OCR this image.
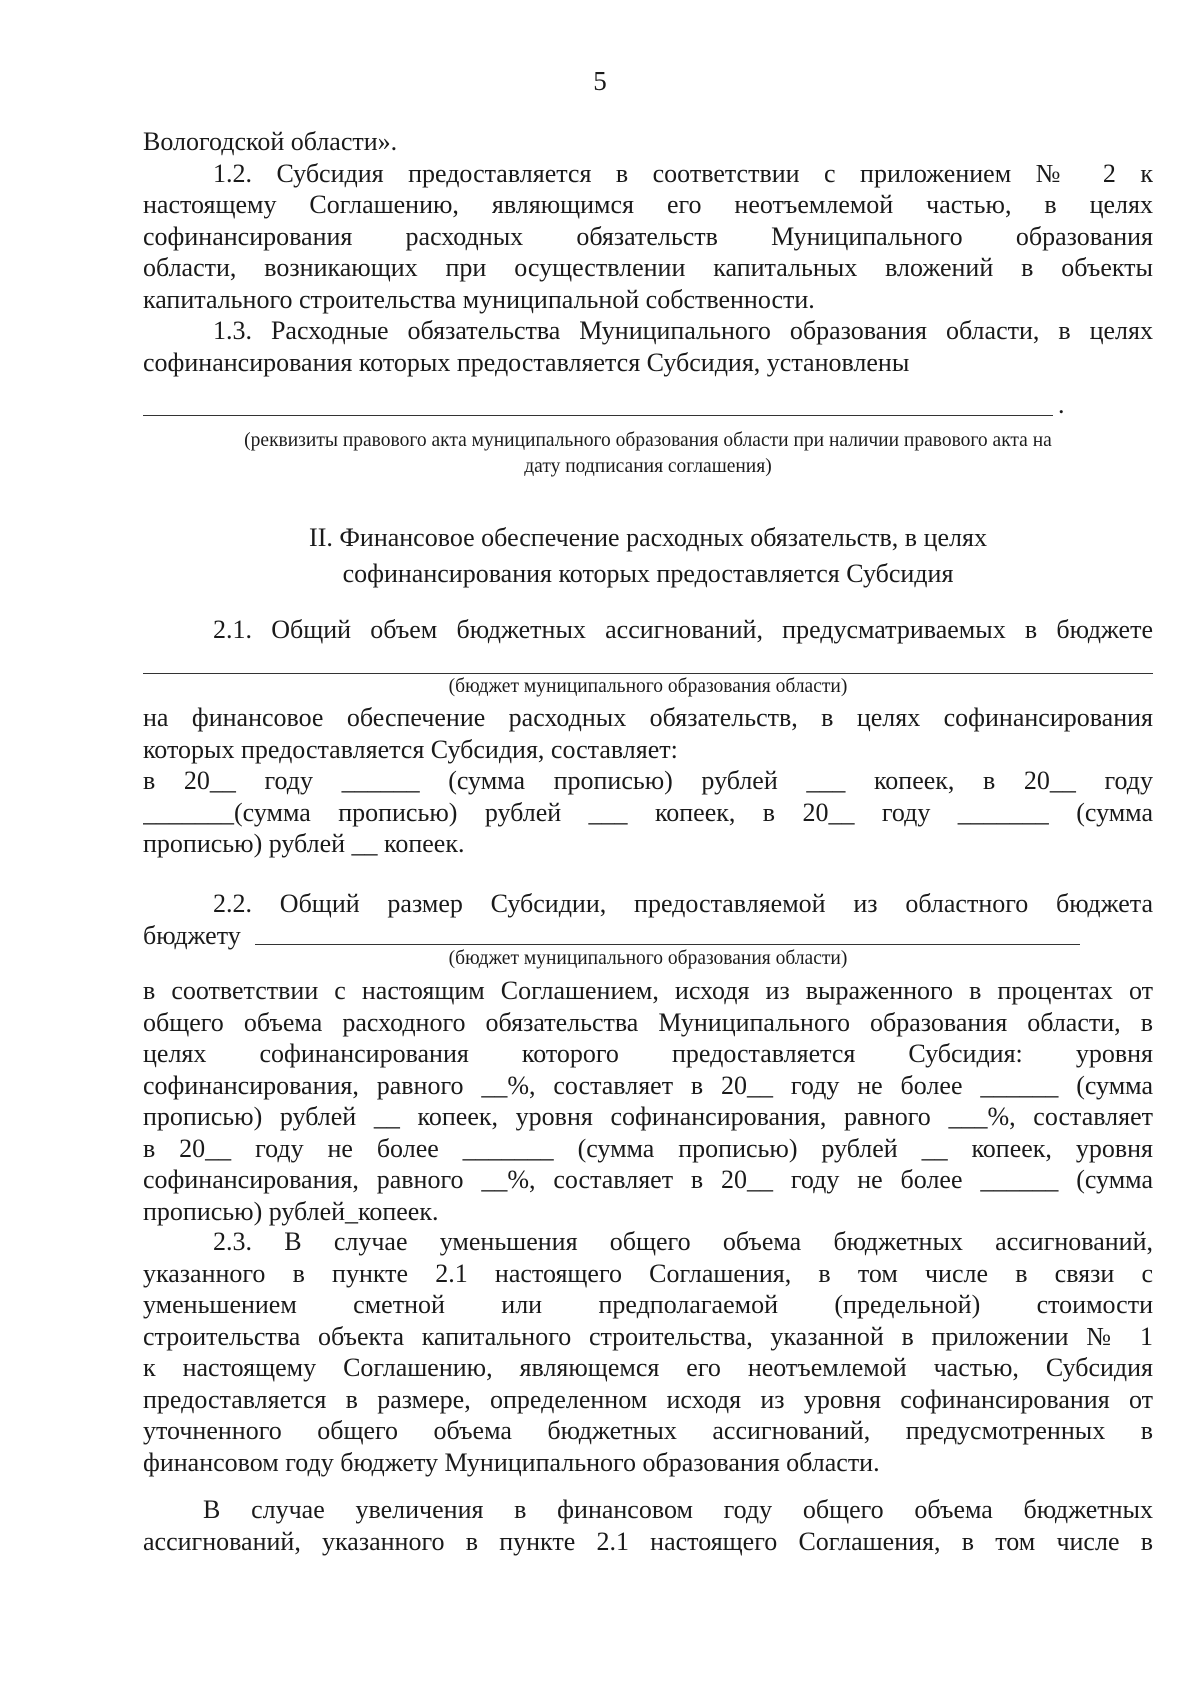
5
Вологодской области».
1.2. Субсидия предоставляется в соответствии с приложением № 2 к
настоящему Соглашению, являющимся его неотъемлемой частью, в целях
софинансирования расходных обязательств Муниципального образования
области, возникающих при осуществлении капитальных вложений в объекты
капитального строительства муниципальной собственности.
1.3. Расходные обязательства Муниципального образования области, в целях
софинансирования которых предоставляется Субсидия, установлены
.
(реквизиты правового акта муниципального образования области при наличии правового акта на
дату подписания соглашения)
II. Финансовое обеспечение расходных обязательств, в целях
софинансирования которых предоставляется Субсидия
2.1. Общий объем бюджетных ассигнований, предусматриваемых в бюджете
(бюджет муниципального образования области)
на финансовое обеспечение расходных обязательств, в целях софинансирования
которых предоставляется Субсидия, составляет:
в 20__ году ______ (сумма прописью) рублей ___ копеек, в 20__ году
_______(сумма прописью) рублей ___ копеек, в 20__ году _______ (сумма
прописью) рублей __ копеек.
2.2. Общий размер Субсидии, предоставляемой из областного бюджета
бюджету
(бюджет муниципального образования области)
в соответствии с настоящим Соглашением, исходя из выраженного в процентах от
общего объема расходного обязательства Муниципального образования области, в
целях софинансирования которого предоставляется Субсидия: уровня
софинансирования, равного __%, составляет в 20__ году не более ______ (сумма
прописью) рублей __ копеек, уровня софинансирования, равного ___%, составляет
в 20__ году не более _______ (сумма прописью) рублей __ копеек, уровня
софинансирования, равного __%, составляет в 20__ году не более ______ (сумма
прописью) рублей_копеек.
2.3. В случае уменьшения общего объема бюджетных ассигнований,
указанного в пункте 2.1 настоящего Соглашения, в том числе в связи с
уменьшением сметной или предполагаемой (предельной) стоимости
строительства объекта капитального строительства, указанной в приложении № 1
к настоящему Соглашению, являющемся его неотъемлемой частью, Субсидия
предоставляется в размере, определенном исходя из уровня софинансирования от
уточненного общего объема бюджетных ассигнований, предусмотренных в
финансовом году бюджету Муниципального образования области.
В случае увеличения в финансовом году общего объема бюджетных
ассигнований, указанного в пункте 2.1 настоящего Соглашения, в том числе в
